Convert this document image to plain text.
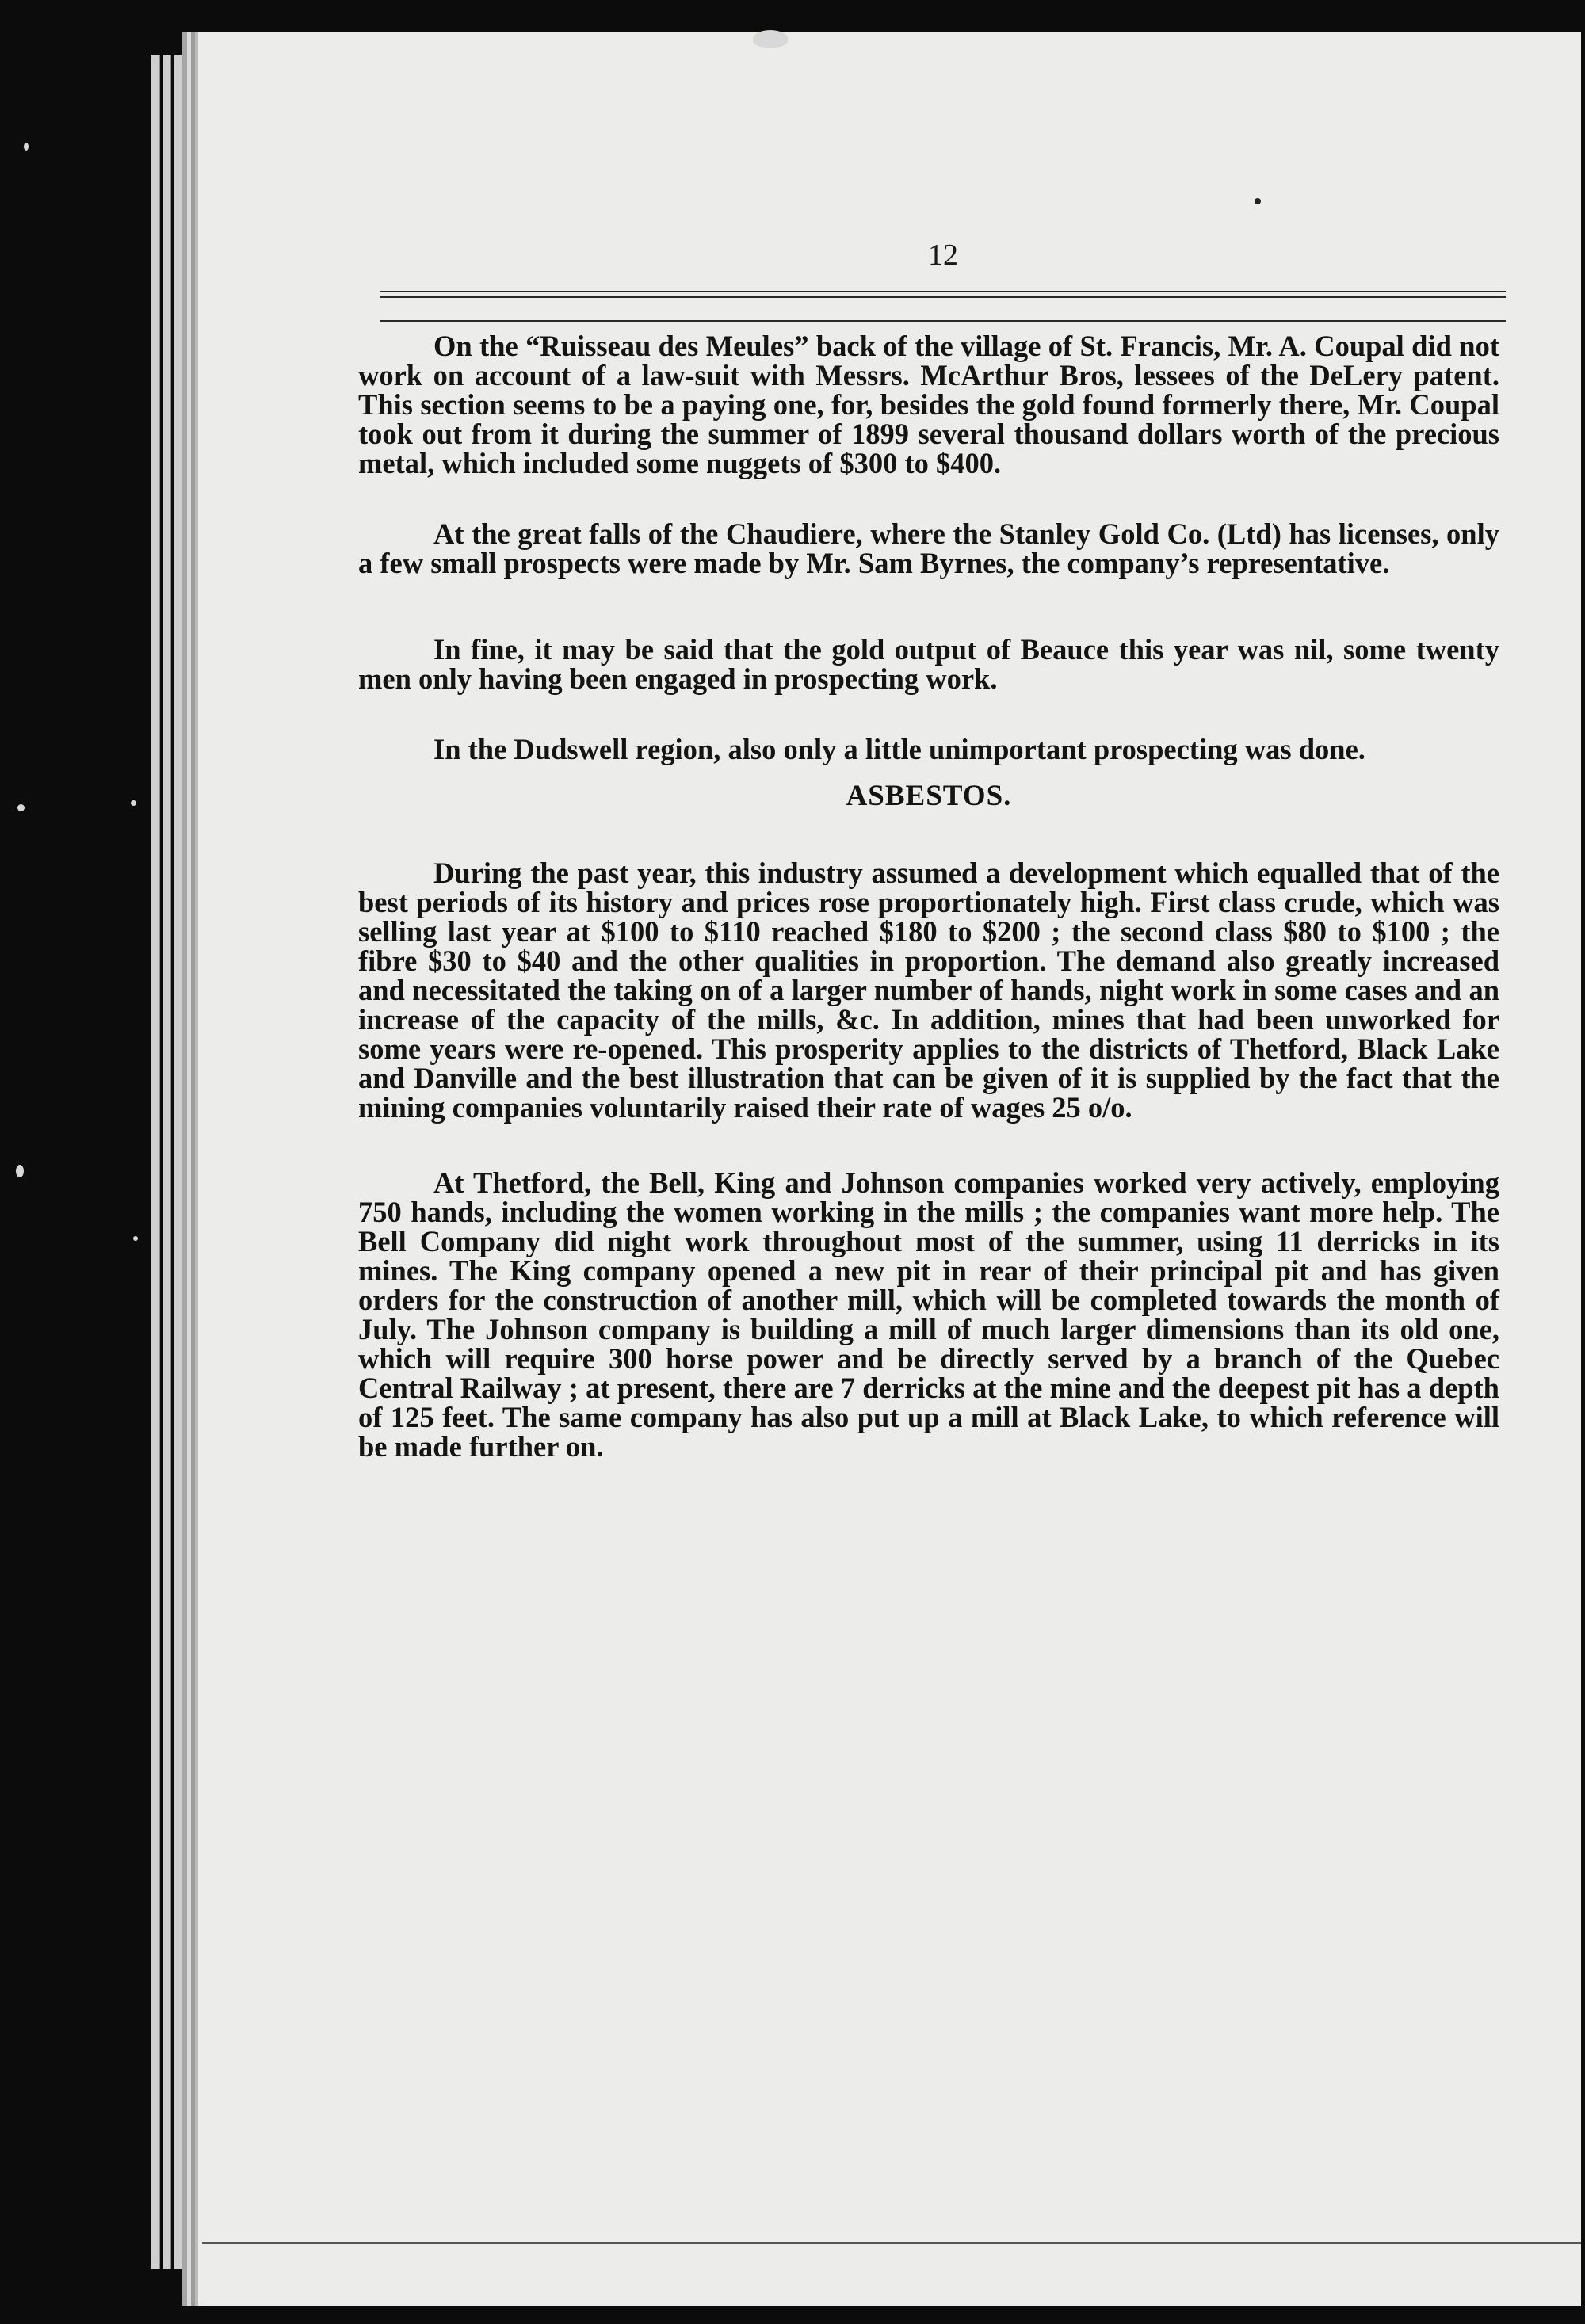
12

On the “Ruisseau des Meules” back of the village of St. Francis, Mr. A. Coupal did not work on account of a law-suit with Messrs. McArthur Bros, lessees of the DeLery patent. This section seems to be a paying one, for, besides the gold found formerly there, Mr. Coupal took out from it during the summer of 1899 several thousand dollars worth of the precious metal, which included some nuggets of $300 to $400.

At the great falls of the Chaudiere, where the Stanley Gold Co. (Ltd) has licenses, only a few small prospects were made by Mr. Sam Byrnes, the company’s representative.

In fine, it may be said that the gold output of Beauce this year was nil, some twenty men only having been engaged in prospecting work.

In the Dudswell region, also only a little unimportant prospecting was done.

ASBESTOS.

During the past year, this industry assumed a development which equalled that of the best periods of its history and prices rose proportionately high. First class crude, which was selling last year at $100 to $110 reached $180 to $200 ; the second class $80 to $100 ; the fibre $30 to $40 and the other qualities in proportion. The demand also greatly increased and necessitated the taking on of a larger number of hands, night work in some cases and an increase of the capacity of the mills, &c. In addition, mines that had been unworked for some years were re-opened. This prosperity applies to the districts of Thetford, Black Lake and Danville and the best illustration that can be given of it is supplied by the fact that the mining companies voluntarily raised their rate of wages 25 o/o.

At Thetford, the Bell, King and Johnson companies worked very actively, employing 750 hands, including the women working in the mills ; the companies want more help. The Bell Company did night work throughout most of the summer, using 11 derricks in its mines. The King company opened a new pit in rear of their principal pit and has given orders for the construction of another mill, which will be completed towards the month of July. The Johnson company is building a mill of much larger dimensions than its old one, which will require 300 horse power and be directly served by a branch of the Quebec Central Railway ; at present, there are 7 derricks at the mine and the deepest pit has a depth of 125 feet. The same company has also put up a mill at Black Lake, to which reference will be made further on.
